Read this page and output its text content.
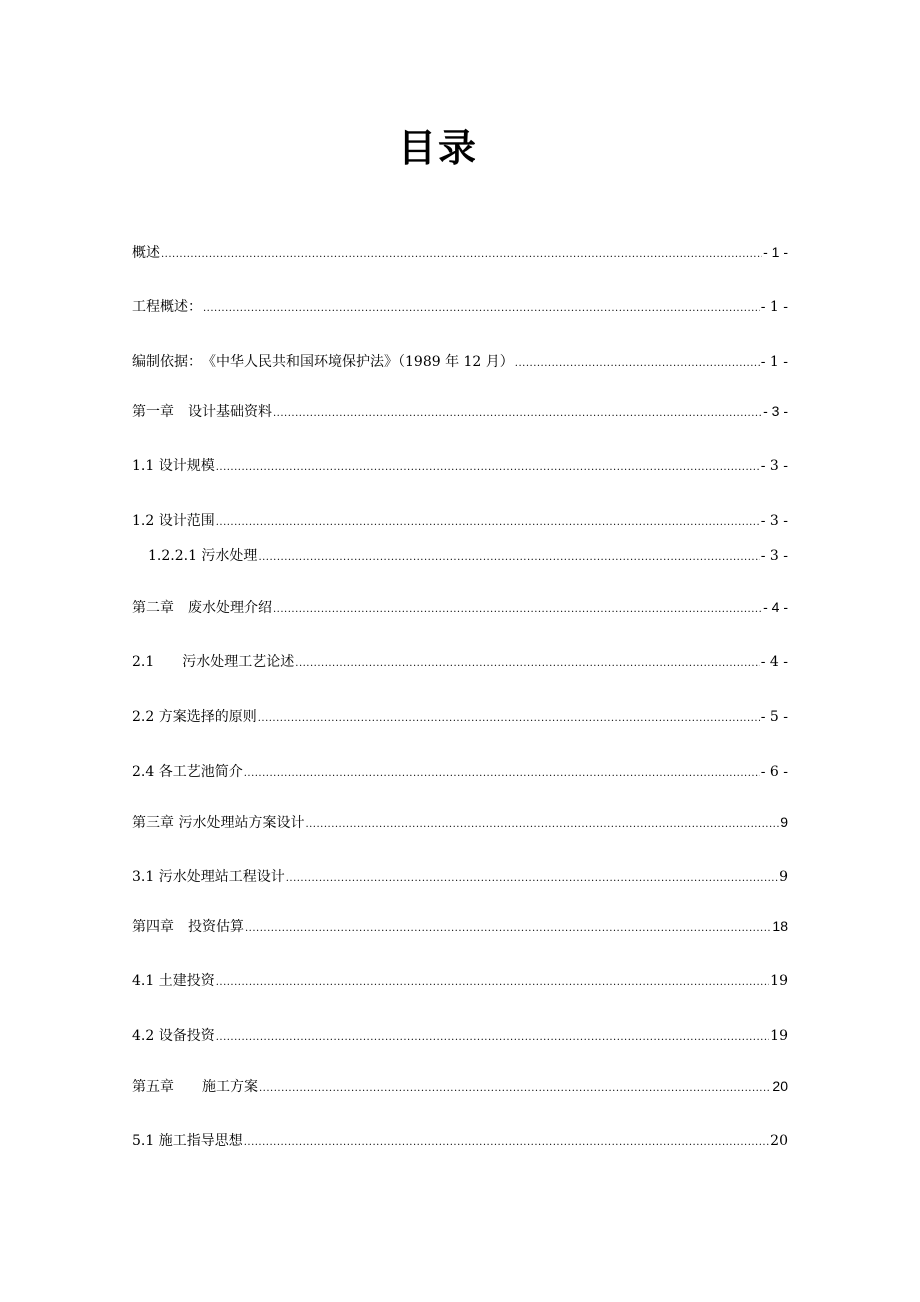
目录
概述 .....	- 1 -
工程概述： .....	- 1 -
编制依据：　《中华人民共和国环境保护法》（1989 年 12 月） .....	- 1 -
第一章　设计基础资料 .....	- 3 -
1.1 设计规模 .....	- 3 -
1.2 设计范围 .....	- 3 -
1.2.2.1 污水处理 .....	- 3 -
第二章　废水处理介绍 .....	- 4 -
2.1　　污水处理工艺论述 .....	- 4 -
2.2 方案选择的原则 .....	- 5 -
2.4 各工艺池简介 .....	- 6 -
第三章 污水处理站方案设计 .....	9
3.1 污水处理站工程设计 .....	9
第四章　投资估算 .....	18
4.1 土建投资 .....	19
4.2 设备投资 .....	19
第五章　　施工方案 .....	20
5.1 施工指导思想 .....	20
